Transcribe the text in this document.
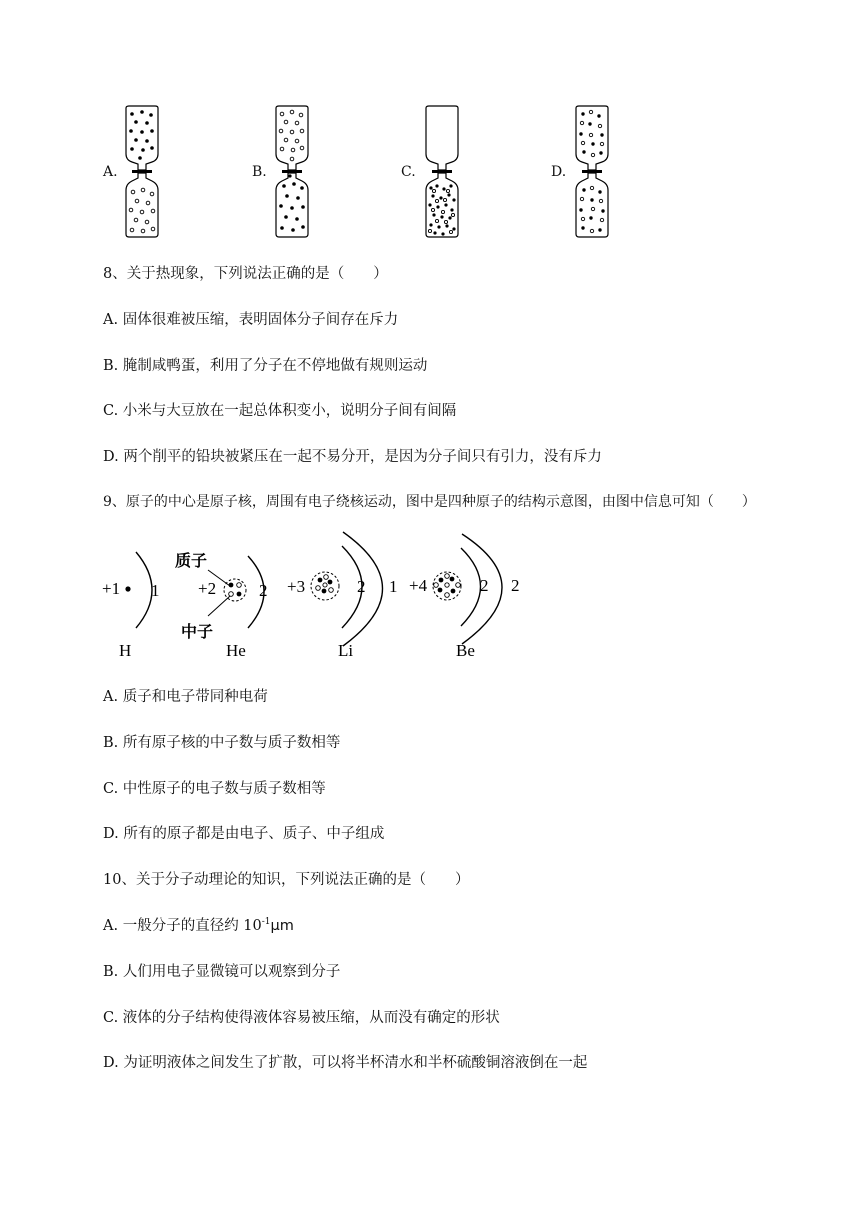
A.	B.	C.	D.
8、关于热现象，下列说法正确的是（　　）
A. 固体很难被压缩，表明固体分子间存在斥力
B. 腌制咸鸭蛋，利用了分子在不停地做有规则运动
C. 小米与大豆放在一起总体积变小，说明分子间有间隔
D. 两个削平的铅块被紧压在一起不易分开，是因为分子间只有引力，没有斥力
9、原子的中心是原子核，周围有电子绕核运动，图中是四种原子的结构示意图，由图中信息可知（　　）
+1 1
H
质子
+2	2
中子
He
+3	2 1
Li
+4	2 2
Be
A. 质子和电子带同种电荷
B. 所有原子核的中子数与质子数相等
C. 中性原子的电子数与质子数相等
D. 所有的原子都是由电子、质子、中子组成
10、关于分子动理论的知识，下列说法正确的是（　　）
A. 一般分子的直径约 $10^{-1}\mu m$
B. 人们用电子显微镜可以观察到分子
C. 液体的分子结构使得液体容易被压缩，从而没有确定的形状
D. 为证明液体之间发生了扩散，可以将半杯清水和半杯硫酸铜溶液倒在一起
